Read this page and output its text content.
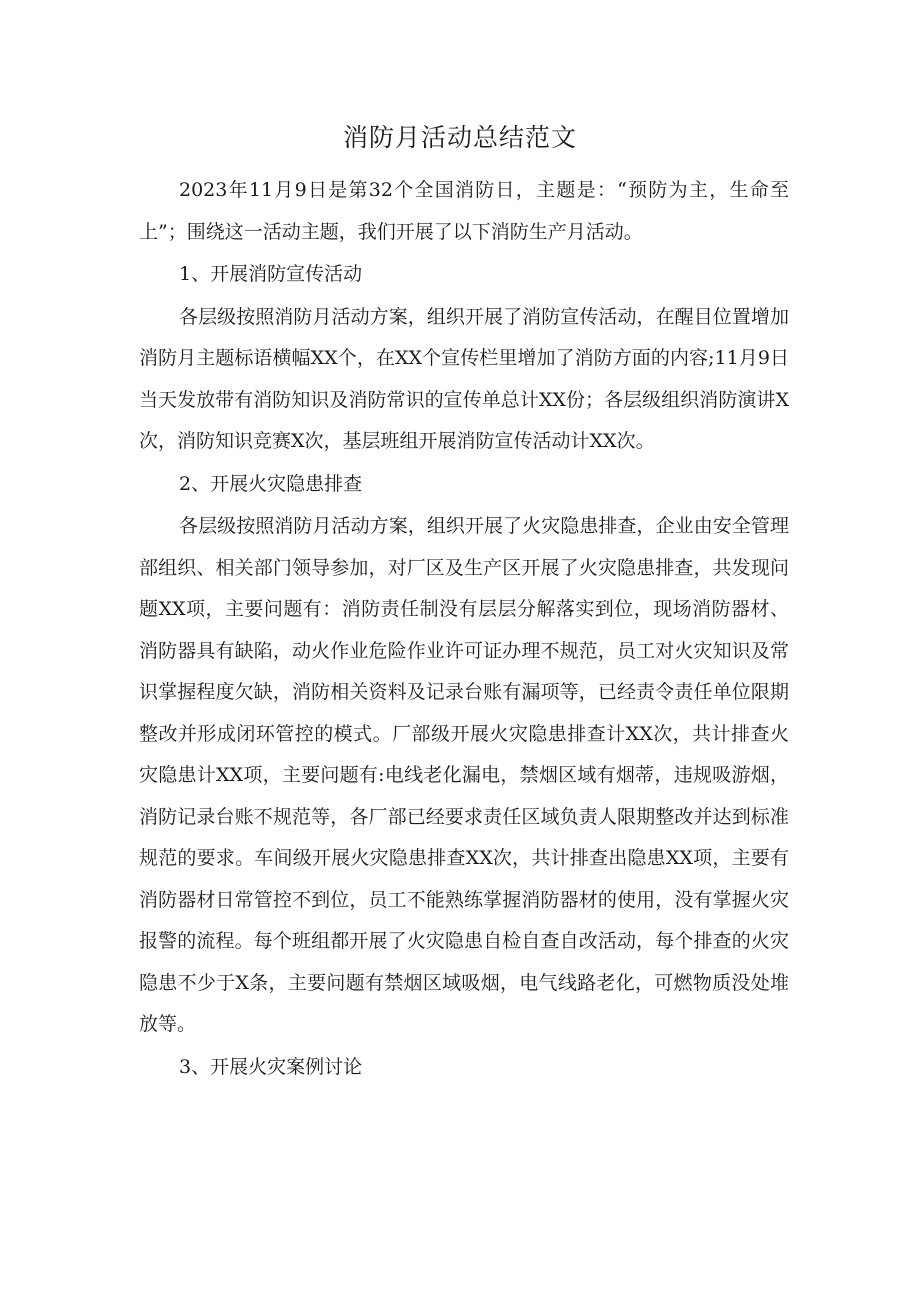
消防月活动总结范文

2023年11月9日是第32个全国消防日，主题是：“预防为主，生命至上”；围绕这一活动主题，我们开展了以下消防生产月活动。

1、开展消防宣传活动

各层级按照消防月活动方案，组织开展了消防宣传活动，在醒目位置增加消防月主题标语横幅XX个，在XX个宣传栏里增加了消防方面的内容;11月9日当天发放带有消防知识及消防常识的宣传单总计XX份；各层级组织消防演讲X次，消防知识竞赛X次，基层班组开展消防宣传活动计XX次。

2、开展火灾隐患排查

各层级按照消防月活动方案，组织开展了火灾隐患排查，企业由安全管理部组织、相关部门领导参加，对厂区及生产区开展了火灾隐患排查，共发现问题XX项，主要问题有：消防责任制没有层层分解落实到位，现场消防器材、消防器具有缺陷，动火作业危险作业许可证办理不规范，员工对火灾知识及常识掌握程度欠缺，消防相关资料及记录台账有漏项等，已经责令责任单位限期整改并形成闭环管控的模式。厂部级开展火灾隐患排查计XX次，共计排查火灾隐患计XX项，主要问题有:电线老化漏电，禁烟区域有烟蒂，违规吸游烟，消防记录台账不规范等，各厂部已经要求责任区域负责人限期整改并达到标准规范的要求。车间级开展火灾隐患排查XX次，共计排查出隐患XX项，主要有消防器材日常管控不到位，员工不能熟练掌握消防器材的使用，没有掌握火灾报警的流程。每个班组都开展了火灾隐患自检自查自改活动，每个排查的火灾隐患不少于X条，主要问题有禁烟区域吸烟，电气线路老化，可燃物质没处堆放等。

3、开展火灾案例讨论
